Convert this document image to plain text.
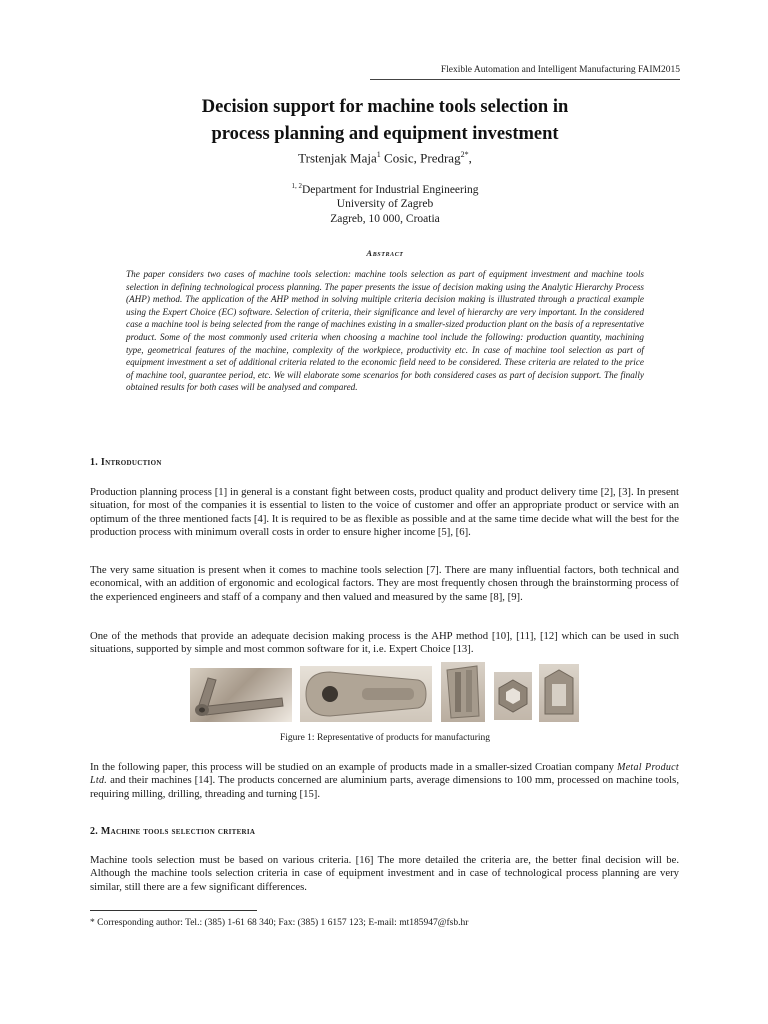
Flexible Automation and Intelligent Manufacturing FAIM2015
Decision support for machine tools selection in
process planning and equipment investment
Trstenjak Maja$^1$ Cosic, Predrag$^{2*}$,
$^{1, 2}$Department for Industrial Engineering
University of Zagreb
Zagreb, 10 000, Croatia
Abstract

The paper considers two cases of machine tools selection: machine tools selection as part of equipment investment and machine tools selection in defining technological process planning. The paper presents the issue of decision making using the Analytic Hierarchy Process (AHP) method. The application of the AHP method in solving multiple criteria decision making is illustrated through a practical example using the Expert Choice (EC) software. Selection of criteria, their significance and level of hierarchy are very important. In the considered case a machine tool is being selected from the range of machines existing in a smaller-sized production plant on the basis of a representative product. Some of the most commonly used criteria when choosing a machine tool include the following: production quantity, machining type, geometrical features of the machine, complexity of the workpiece, productivity etc. In case of machine tool selection as part of equipment investment a set of additional criteria related to the economic field need to be considered. These criteria are related to the price of machine tool, guarantee period, etc. We will elaborate some scenarios for both considered cases as part of decision support. The finally obtained results for both cases will be analysed and compared.

1. Introduction

Production planning process [1] in general is a constant fight between costs, product quality and product delivery time [2], [3]. In present situation, for most of the companies it is essential to listen to the voice of customer and offer an appropriate product or service with an optimum of the three mentioned facts [4]. It is required to be as flexible as possible and at the same time decide what will the best for the production process with minimum overall costs in order to ensure higher income [5], [6].

The very same situation is present when it comes to machine tools selection [7]. There are many influential factors, both technical and economical, with an addition of ergonomic and ecological factors. They are most frequently chosen through the brainstorming process of the experienced engineers and staff of a company and then valued and measured by the same [8], [9].

One of the methods that provide an adequate decision making process is the AHP method [10], [11], [12] which can be used in such situations, supported by simple and most common software for it, i.e. Expert Choice [13].

Figure 1: Representative of products for manufacturing

In the following paper, this process will be studied on an example of products made in a smaller-sized Croatian company Metal Product Ltd. and their machines [14]. The products concerned are aluminium parts, average dimensions to 100 mm, processed on machine tools, requiring milling, drilling, threading and turning [15].

2. Machine tools selection criteria

Machine tools selection must be based on various criteria. [16] The more detailed the criteria are, the better final decision will be. Although the machine tools selection criteria in case of equipment investment and in case of technological process planning are very similar, still there are a few significant differences.

* Corresponding author: Tel.: (385) 1-61 68 340; Fax: (385) 1 6157 123; E-mail: mt185947@fsb.hr
